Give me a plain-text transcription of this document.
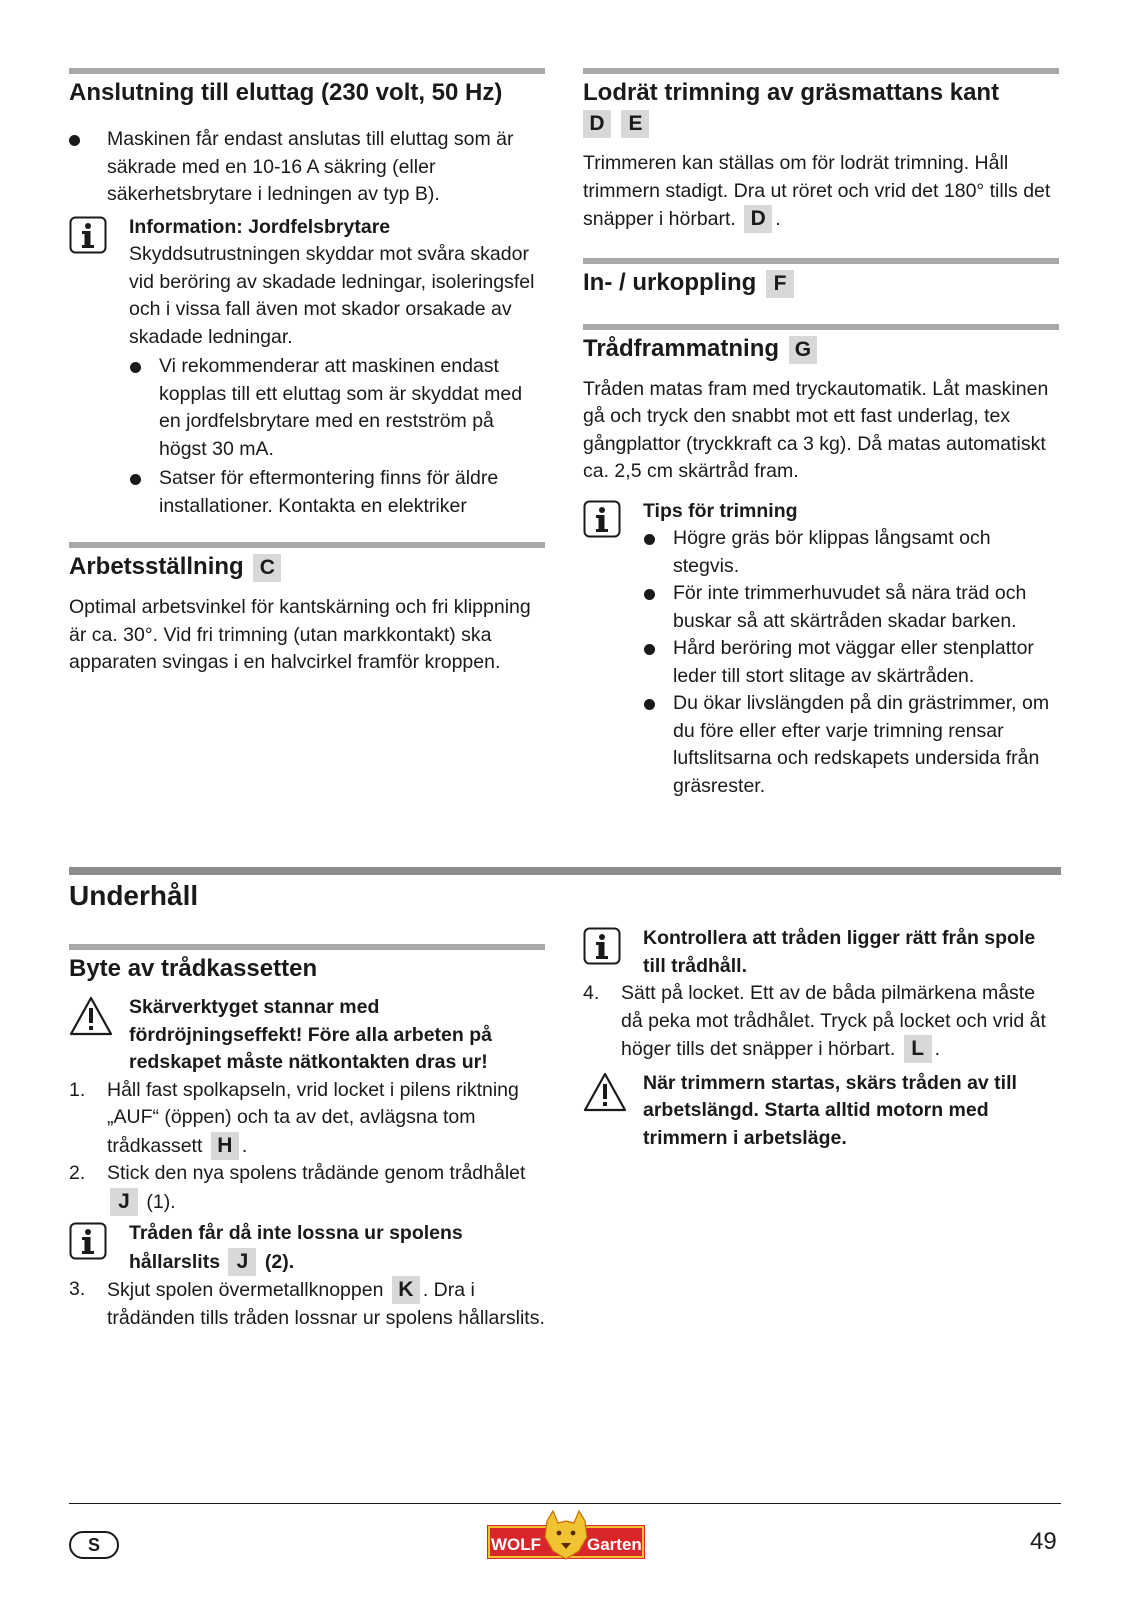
Anslutning till eluttag (230 volt, 50 Hz)
Maskinen får endast anslutas till eluttag som är säkrade med en 10-16 A säkring (eller säkerhetsbrytare i ledningen av typ B).

Information: Jordfelsbrytare

Skyddsutrustningen skyddar mot svåra skador vid beröring av skadade ledningar, isoleringsfel och i vissa fall även mot skador orsakade av skadade ledningar.

Vi rekommenderar att maskinen endast kopplas till ett eluttag som är skyddat med en jordfelsbrytare med en restström på högst 30 mA.
Satser för eftermontering finns för äldre installationer. Kontakta en elektriker
Arbetsställning C

Optimal arbetsvinkel för kantskärning och fri klippning är ca. 30°. Vid fri trimning (utan markkontakt) ska apparaten svingas i en halvcirkel framför kroppen.

Lodrät trimning av gräsmattans kant
D E

Trimmeren kan ställas om för lodrät trimning. Håll trimmern stadigt. Dra ut röret och vrid det 180° tills det snäpper i hörbart. D .

In- / urkoppling F
Trådframmatning G

Tråden matas fram med tryckautomatik. Låt maskinen gå och tryck den snabbt mot ett fast underlag, tex gångplattor (tryckkraft ca 3 kg). Då matas automatiskt ca. 2,5 cm skärtråd fram.

Tips för trimning

Högre gräs bör klippas långsamt och stegvis.
För inte trimmerhuvudet så nära träd och buskar så att skärtråden skadar barken.
Hård beröring mot väggar eller stenplattor leder till stort slitage av skärtråden.
Du ökar livslängden på din grästrimmer, om du före eller efter varje trimning rensar luftslitsarna och redskapets undersida från gräsrester.
Underhåll
Byte av trådkassetten

Skärverktyget stannar med fördröjningseffekt! Före alla arbeten på redskapet måste nätkontakten dras ur!

1. Håll fast spolkapseln, vrid locket i pilens riktning „AUF“ (öppen) och ta av det, avlägsna tom trådkassett H .
2. Stick den nya spolens trådände genom trådhålet J (1).

Tråden får då inte lossna ur spolens hållarslits J (2).

3. Skjut spolen övermetallknoppen K . Dra i trådänden tills tråden lossnar ur spolens hållarslits.

Kontrollera att tråden ligger rätt från spole till trådhåll.

4. Sätt på locket. Ett av de båda pilmärkena måste då peka mot trådhålet. Tryck på locket och vrid åt höger tills det snäpper i hörbart. L .

När trimmern startas, skärs tråden av till arbetslängd. Starta alltid motorn med trimmern i arbetsläge.

S	WOLF	Garten	49
